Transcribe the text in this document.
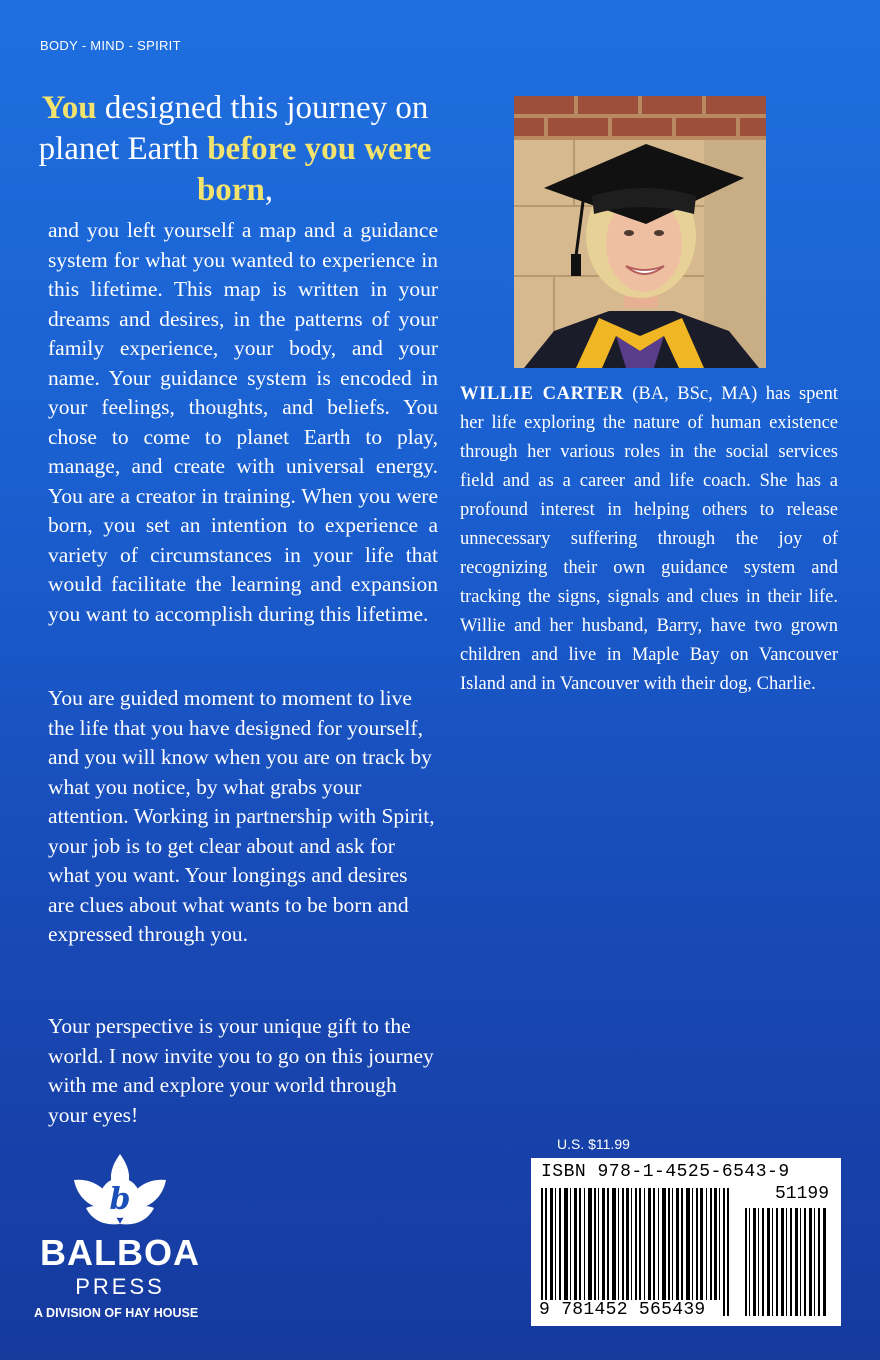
BODY - MIND - SPIRIT
You designed this journey on planet Earth before you were born,

and you left yourself a map and a guidance system for what you wanted to experience in this lifetime. This map is written in your dreams and desires, in the patterns of your family experience, your body, and your name. Your guidance system is encoded in your feelings, thoughts, and beliefs. You chose to come to planet Earth to play, manage, and create with universal energy. You are a creator in training. When you were born, you set an intention to experience a variety of circumstances in your life that would facilitate the learning and expansion you want to accomplish during this lifetime.

You are guided moment to moment to live the life that you have designed for yourself, and you will know when you are on track by what you notice, by what grabs your attention. Working in partnership with Spirit, your job is to get clear about and ask for what you want. Your longings and desires are clues about what wants to be born and expressed through you.

Your perspective is your unique gift to the world. I now invite you to go on this journey with me and explore your world through your eyes!

WILLIE CARTER (BA, BSc, MA) has spent her life exploring the nature of human existence through her various roles in the social services field and as a career and life coach. She has a profound interest in helping others to release unnecessary suffering through the joy of recognizing their own guidance system and tracking the signs, signals and clues in their life. Willie and her husband, Barry, have two grown children and live in Maple Bay on Vancouver Island and in Vancouver with their dog, Charlie.
U.S. $11.99
ISBN 978-1-4525-6543-9
51199
9 781452 565439
b
BALBOA
PRESS
A DIVISION OF HAY HOUSE
